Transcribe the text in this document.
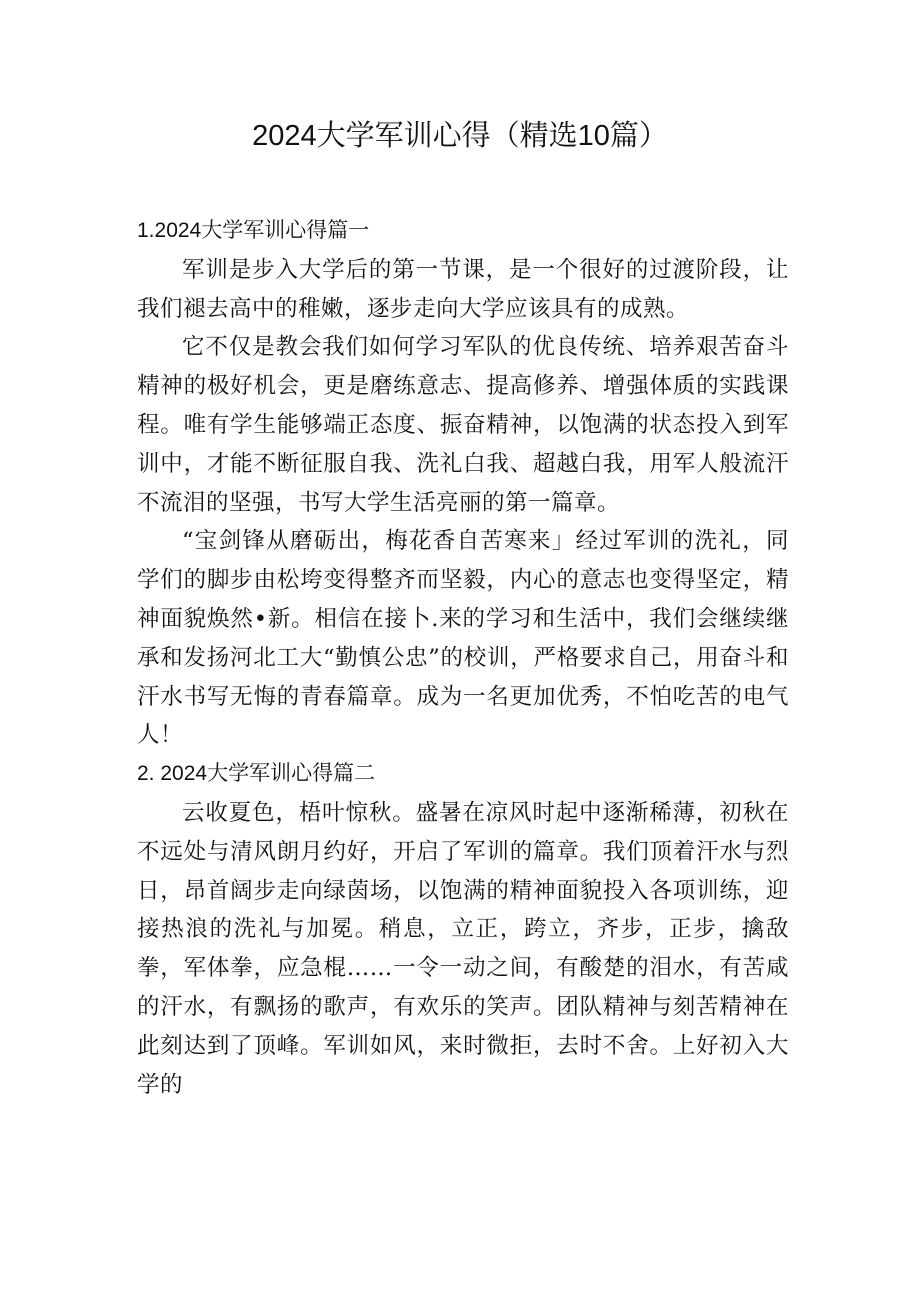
2024大学军训心得（精选10篇）
1.2024大学军训心得篇一

军训是步入大学后的第一节课，是一个很好的过渡阶段，让我们褪去高中的稚嫩，逐步走向大学应该具有的成熟。

它不仅是教会我们如何学习军队的优良传统、培养艰苦奋斗精神的极好机会，更是磨练意志、提高修养、增强体质的实践课程。唯有学生能够端正态度、振奋精神，以饱满的状态投入到军训中，才能不断征服自我、洗礼白我、超越白我，用军人般流汗不流泪的坚强，书写大学生活亮丽的第一篇章。

“宝剑锋从磨砺出，梅花香自苦寒来」经过军训的洗礼，同学们的脚步由松垮变得整齐而坚毅，内心的意志也变得坚定，精神面貌焕然•新。相信在接卜.来的学习和生活中，我们会继续继承和发扬河北工大“勤慎公忠”的校训，严格要求自己，用奋斗和汗水书写无悔的青春篇章。成为一名更加优秀，不怕吃苦的电气人！

2. 2024大学军训心得篇二

云收夏色，梧叶惊秋。盛暑在凉风时起中逐渐稀薄，初秋在不远处与清风朗月约好，开启了军训的篇章。我们顶着汗水与烈日，昂首阔步走向绿茵场，以饱满的精神面貌投入各项训练，迎接热浪的洗礼与加冕。稍息，立正，跨立，齐步，正步，擒敌拳，军体拳，应急棍……一令一动之间，有酸楚的泪水，有苦咸的汗水，有飘扬的歌声，有欢乐的笑声。团队精神与刻苦精神在此刻达到了顶峰。军训如风，来时微拒，去时不舍。上好初入大学的
